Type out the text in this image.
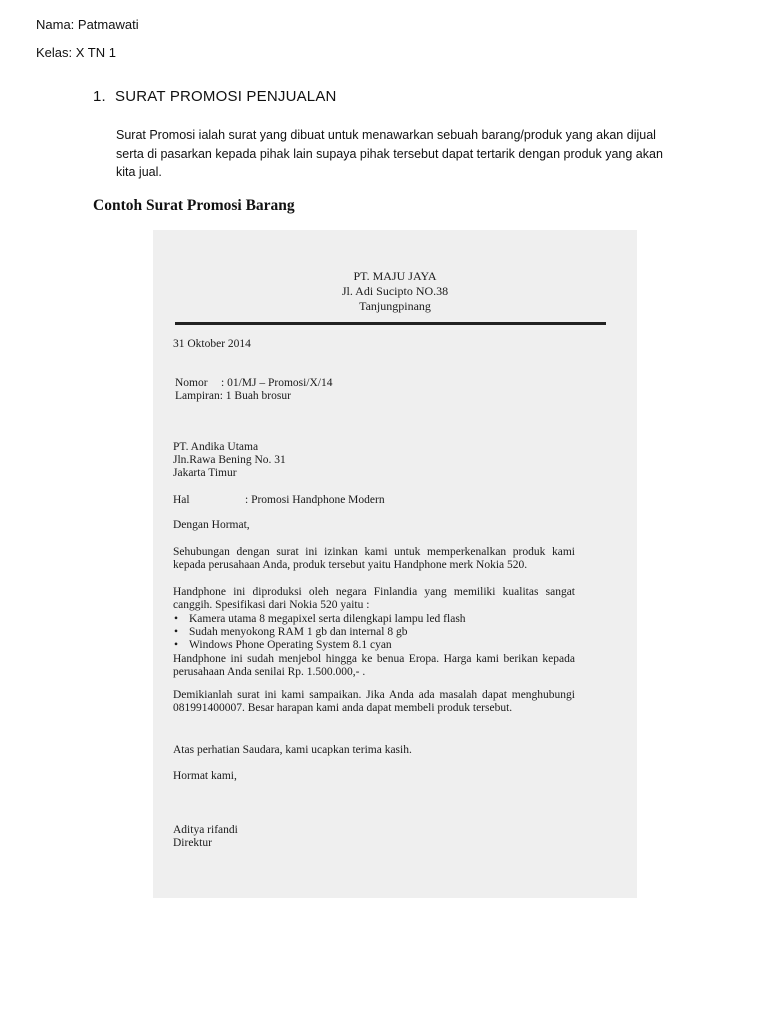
Nama: Patmawati
Kelas: X TN 1
1. SURAT PROMOSI PENJUALAN
Surat Promosi ialah surat yang dibuat untuk menawarkan sebuah barang/produk yang akan dijual serta di pasarkan kepada pihak lain supaya pihak tersebut dapat tertarik dengan produk yang akan kita jual.
Contoh Surat Promosi Barang
PT. MAJU JAYA
Jl. Adi Sucipto NO.38
Tanjungpinang
31 Oktober 2014
Nomor : 01/MJ – Promosi/X/14
Lampiran: 1 Buah brosur
PT. Andika Utama
Jln.Rawa Bening No. 31
Jakarta Timur
Hal	: Promosi Handphone Modern
Dengan Hormat,
Sehubungan dengan surat ini izinkan kami untuk memperkenalkan produk kami kepada perusahaan Anda, produk tersebut yaitu Handphone merk Nokia 520.
Handphone ini diproduksi oleh negara Finlandia yang memiliki kualitas sangat canggih. Spesifikasi dari Nokia 520 yaitu :
• Kamera utama 8 megapixel serta dilengkapi lampu led flash
• Sudah menyokong RAM 1 gb dan internal 8 gb
• Windows Phone Operating System 8.1 cyan
Handphone ini sudah menjebol hingga ke benua Eropa. Harga kami berikan kepada perusahaan Anda senilai Rp. 1.500.000,- .
Demikianlah surat ini kami sampaikan. Jika Anda ada masalah dapat menghubungi 081991400007. Besar harapan kami anda dapat membeli produk tersebut.
Atas perhatian Saudara, kami ucapkan terima kasih.
Hormat kami,
Aditya rifandi
Direktur
